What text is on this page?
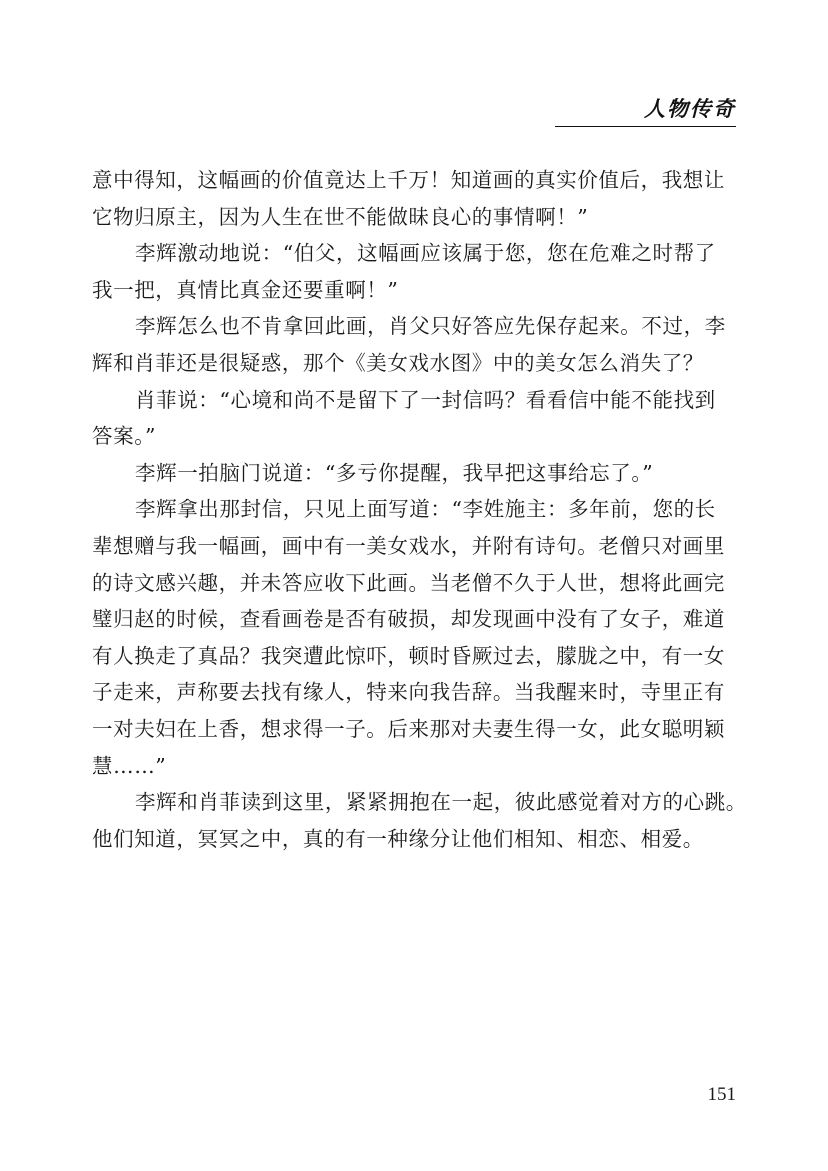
人物传奇

意中得知，这幅画的价值竟达上千万！知道画的真实价值后，我想让
它物归原主，因为人生在世不能做昧良心的事情啊！”

李辉激动地说：“伯父，这幅画应该属于您，您在危难之时帮了
我一把，真情比真金还要重啊！”

李辉怎么也不肯拿回此画，肖父只好答应先保存起来。不过，李
辉和肖菲还是很疑惑，那个《美女戏水图》中的美女怎么消失了？

肖菲说：“心境和尚不是留下了一封信吗？看看信中能不能找到
答案。”

李辉一拍脑门说道：“多亏你提醒，我早把这事给忘了。”

李辉拿出那封信，只见上面写道：“李姓施主：多年前，您的长
辈想赠与我一幅画，画中有一美女戏水，并附有诗句。老僧只对画里
的诗文感兴趣，并未答应收下此画。当老僧不久于人世，想将此画完
璧归赵的时候，查看画卷是否有破损，却发现画中没有了女子，难道
有人换走了真品？我突遭此惊吓，顿时昏厥过去，朦胧之中，有一女
子走来，声称要去找有缘人，特来向我告辞。当我醒来时，寺里正有
一对夫妇在上香，想求得一子。后来那对夫妻生得一女，此女聪明颖
慧……”

李辉和肖菲读到这里，紧紧拥抱在一起，彼此感觉着对方的心跳。
他们知道，冥冥之中，真的有一种缘分让他们相知、相恋、相爱。

151
